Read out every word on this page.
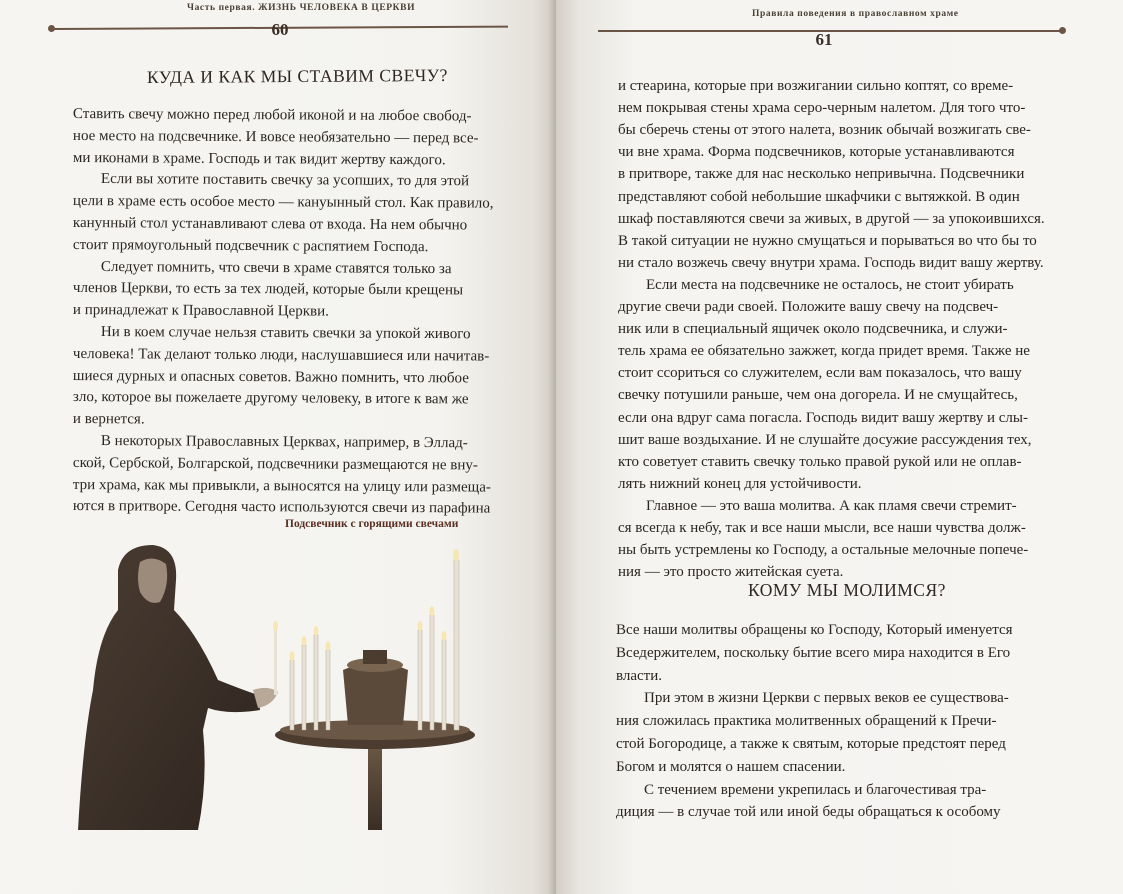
Часть первая. ЖИЗНЬ ЧЕЛОВЕКА В ЦЕРКВИ
60
КУДА И КАК МЫ СТАВИМ СВЕЧУ?
Ставить свечу можно перед любой иконой и на любое свобод-
ное место на подсвечнике. И вовсе необязательно — перед все-
ми иконами в храме. Господь и так видит жертву каждого.
Если вы хотите поставить свечку за усопших, то для этой
цели в храме есть особое место — кануынный стол. Как правило,
канунный стол устанавливают слева от входа. На нем обычно
стоит прямоугольный подсвечник с распятием Господа.
Следует помнить, что свечи в храме ставятся только за
членов Церкви, то есть за тех людей, которые были крещены
и принадлежат к Православной Церкви.
Ни в коем случае нельзя ставить свечки за упокой живого
человека! Так делают только люди, наслушавшиеся или начитав-
шиеся дурных и опасных советов. Важно помнить, что любое
зло, которое вы пожелаете другому человеку, в итоге к вам же
и вернется.
В некоторых Православных Церквах, например, в Эллад-
ской, Сербской, Болгарской, подсвечники размещаются не вну-
три храма, как мы привыкли, а выносятся на улицу или размеща-
ются в притворе. Сегодня часто используются свечи из парафина
Подсвечник с горящими свечами
Правила поведения в православном храме
61
и стеарина, которые при возжигании сильно коптят, со време-
нем покрывая стены храма серо-черным налетом. Для того что-
бы сберечь стены от этого налета, возник обычай возжигать све-
чи вне храма. Форма подсвечников, которые устанавливаются
в притворе, также для нас несколько непривычна. Подсвечники
представляют собой небольшие шкафчики с вытяжкой. В один
шкаф поставляются свечи за живых, в другой — за упокоившихся.
В такой ситуации не нужно смущаться и порываться во что бы то
ни стало возжечь свечу внутри храма. Господь видит вашу жертву.
Если места на подсвечнике не осталось, не стоит убирать
другие свечи ради своей. Положите вашу свечу на подсвеч-
ник или в специальный ящичек около подсвечника, и служи-
тель храма ее обязательно зажжет, когда придет время. Также не
стоит ссориться со служителем, если вам показалось, что вашу
свечку потушили раньше, чем она догорела. И не смущайтесь,
если она вдруг сама погасла. Господь видит вашу жертву и слы-
шит ваше воздыхание. И не слушайте досужие рассуждения тех,
кто советует ставить свечку только правой рукой или не оплав-
лять нижний конец для устойчивости.
Главное — это ваша молитва. А как пламя свечи стремит-
ся всегда к небу, так и все наши мысли, все наши чувства долж-
ны быть устремлены ко Господу, а остальные мелочные попече-
ния — это просто житейская суета.
КОМУ МЫ МОЛИМСЯ?
Все наши молитвы обращены ко Господу, Который именуется
Вседержителем, поскольку бытие всего мира находится в Его
власти.
При этом в жизни Церкви с первых веков ее существова-
ния сложилась практика молитвенных обращений к Пречи-
стой Богородице, а также к святым, которые предстоят перед
Богом и молятся о нашем спасении.
С течением времени укрепилась и благочестивая тра-
диция — в случае той или иной беды обращаться к особому
